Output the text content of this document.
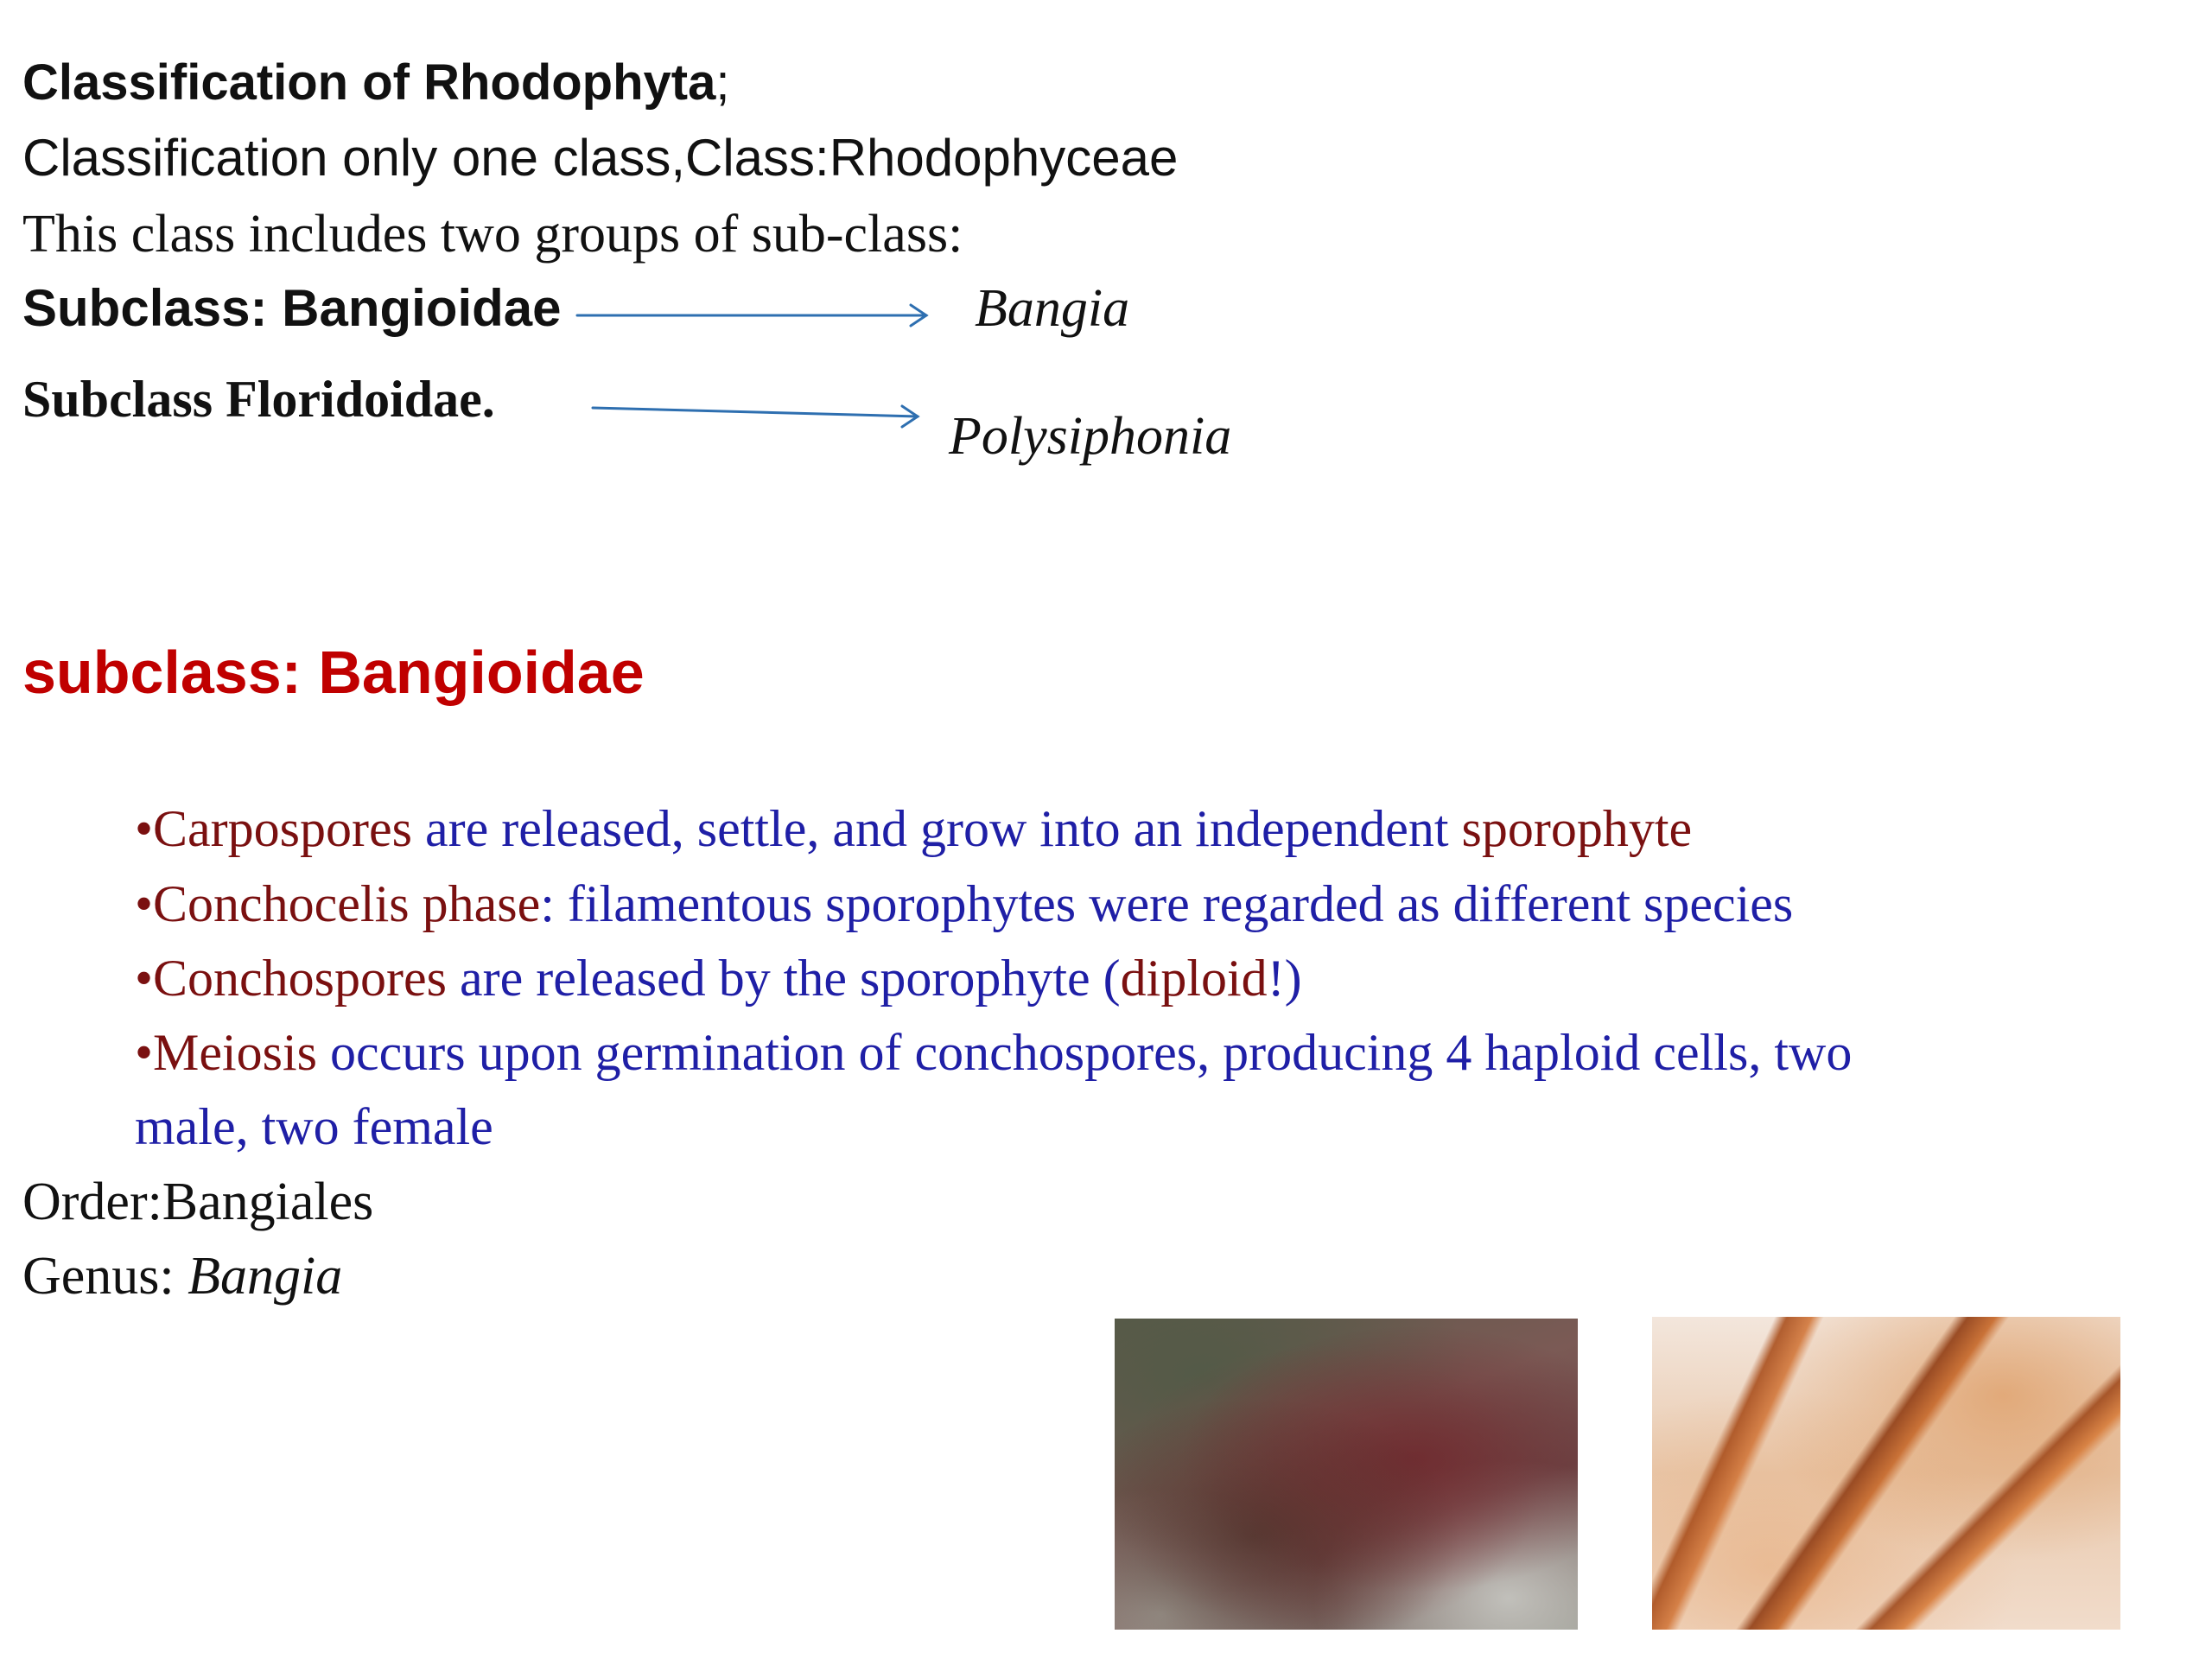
Classification of Rhodophyta;
Classification only one class,Class:Rhodophyceae
This class includes two groups of sub-class:
Subclass: Bangioidae	Bangia
Subclass Floridoidae.
Polysiphonia
subclass: Bangioidae
•Carpospores are released, settle, and grow into an independent sporophyte
•Conchocelis phase: filamentous sporophytes were regarded as different species
•Conchospores are released by the sporophyte (diploid!)
•Meiosis occurs upon germination of conchospores, producing 4 haploid cells, two
male, two female
Order:Bangiales
Genus: Bangia
